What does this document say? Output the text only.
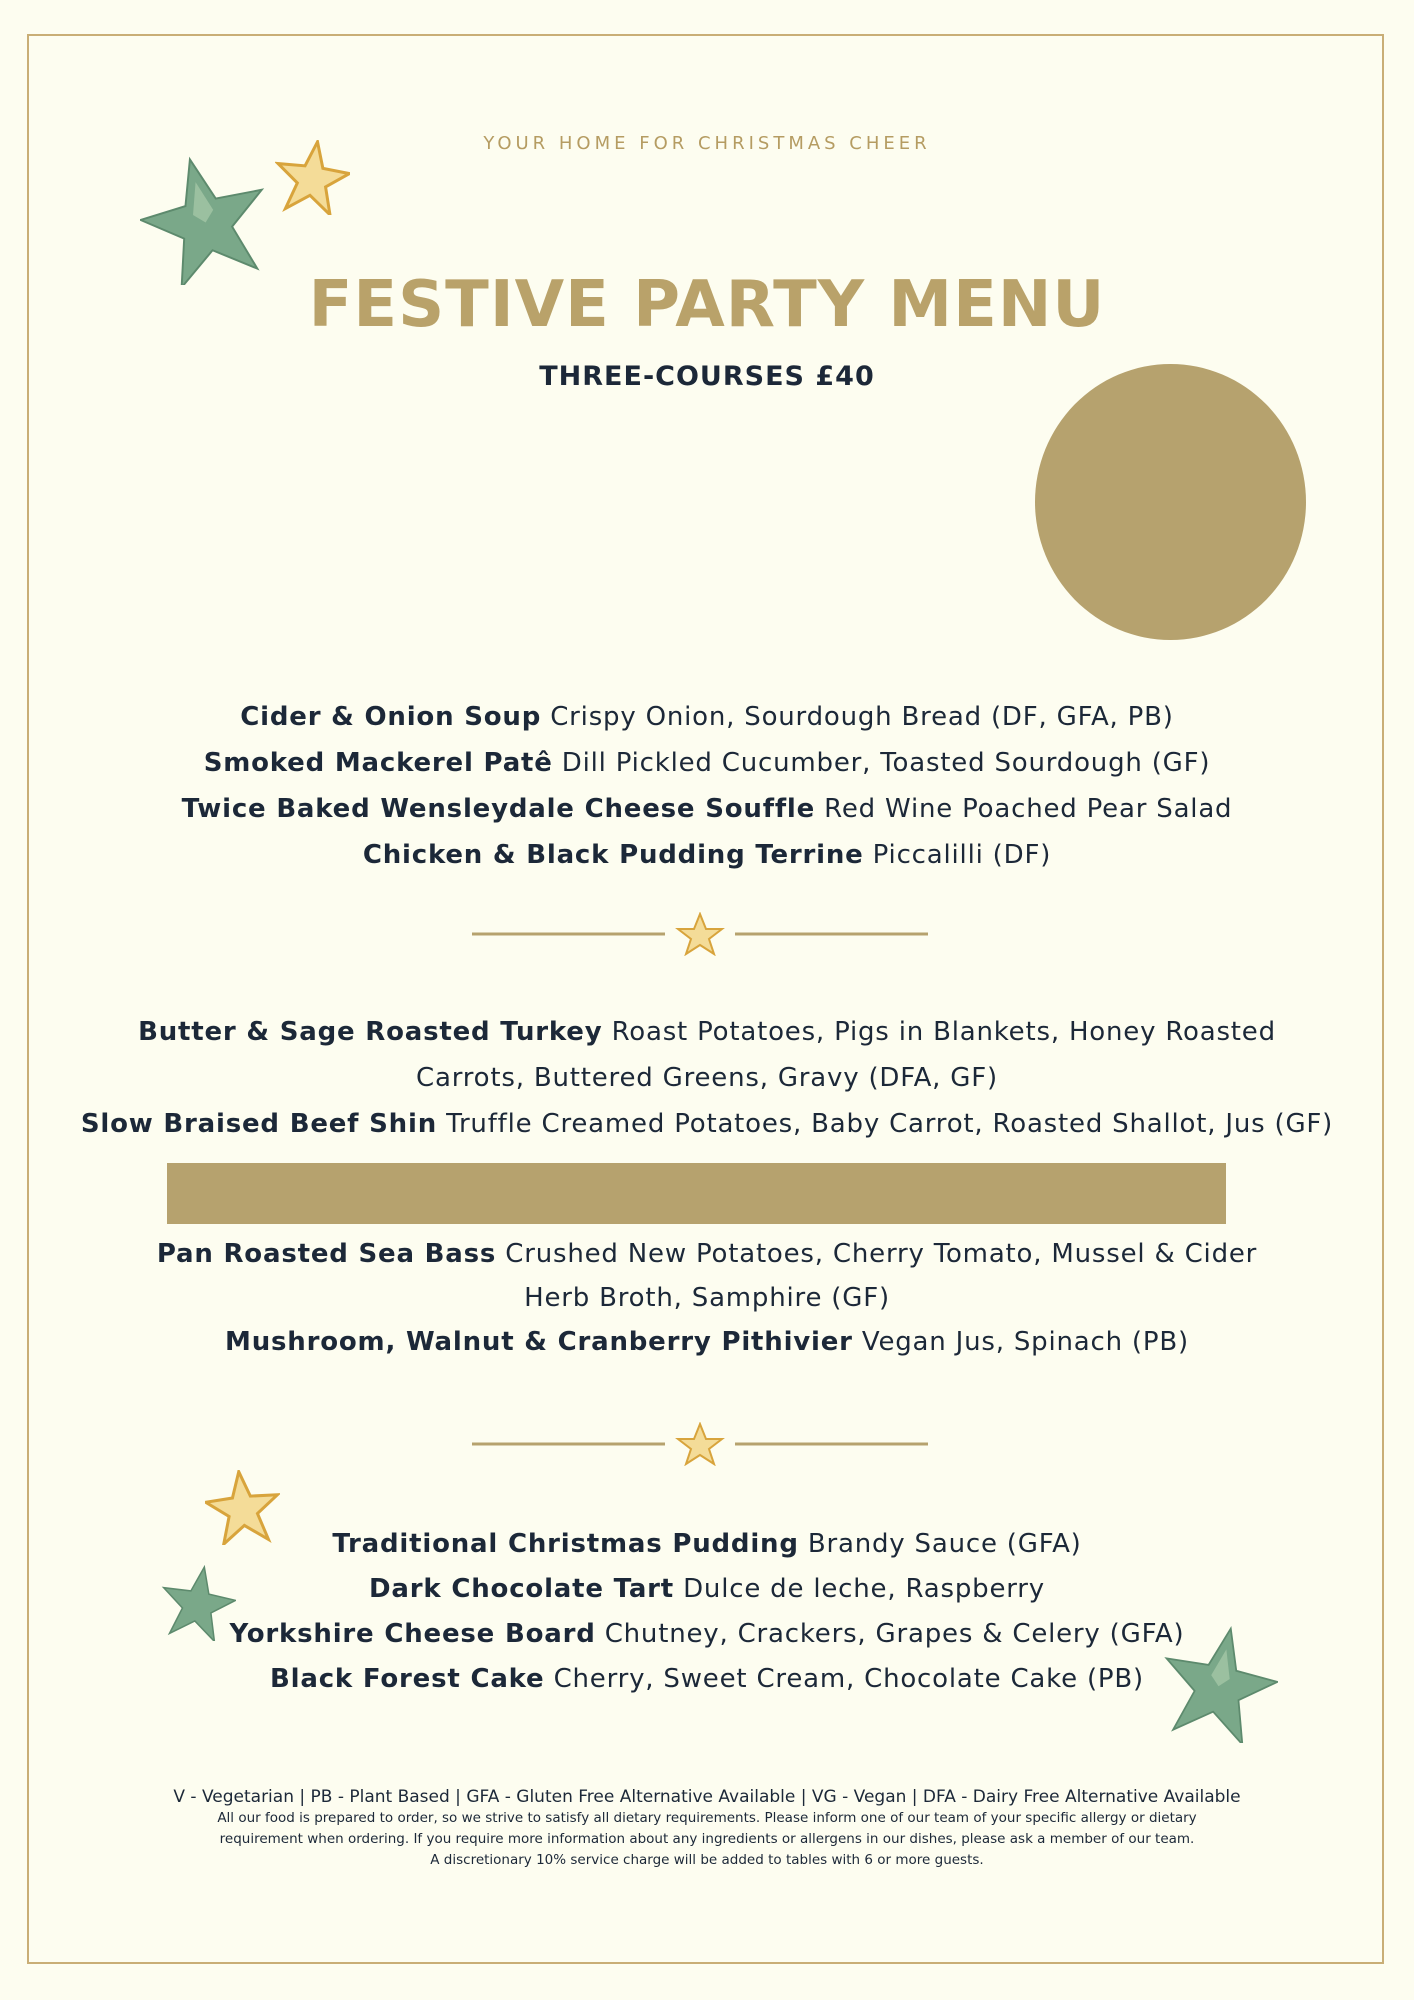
YOUR HOME FOR CHRISTMAS CHEER
FESTIVE PARTY MENU
THREE-COURSES £40
Cider & Onion Soup Crispy Onion, Sourdough Bread (DF, GFA, PB)
Smoked Mackerel Patê Dill Pickled Cucumber, Toasted Sourdough (GF)
Twice Baked Wensleydale Cheese Souffle Red Wine Poached Pear Salad
Chicken & Black Pudding Terrine Piccalilli (DF)
Butter & Sage Roasted Turkey Roast Potatoes, Pigs in Blankets, Honey Roasted
Carrots, Buttered Greens, Gravy (DFA, GF)
Slow Braised Beef Shin Truffle Creamed Potatoes, Baby Carrot, Roasted Shallot, Jus (GF)
Pan Roasted Sea Bass Crushed New Potatoes, Cherry Tomato, Mussel & Cider
Herb Broth, Samphire (GF)
Mushroom, Walnut & Cranberry Pithivier Vegan Jus, Spinach (PB)
Traditional Christmas Pudding Brandy Sauce (GFA)
Dark Chocolate Tart Dulce de leche, Raspberry
Yorkshire Cheese Board Chutney, Crackers, Grapes & Celery (GFA)
Black Forest Cake Cherry, Sweet Cream, Chocolate Cake (PB)
V - Vegetarian | PB - Plant Based | GFA - Gluten Free Alternative Available | VG - Vegan | DFA - Dairy Free Alternative Available
All our food is prepared to order, so we strive to satisfy all dietary requirements. Please inform one of our team of your specific allergy or dietary
requirement when ordering. If you require more information about any ingredients or allergens in our dishes, please ask a member of our team.
A discretionary 10% service charge will be added to tables with 6 or more guests.
